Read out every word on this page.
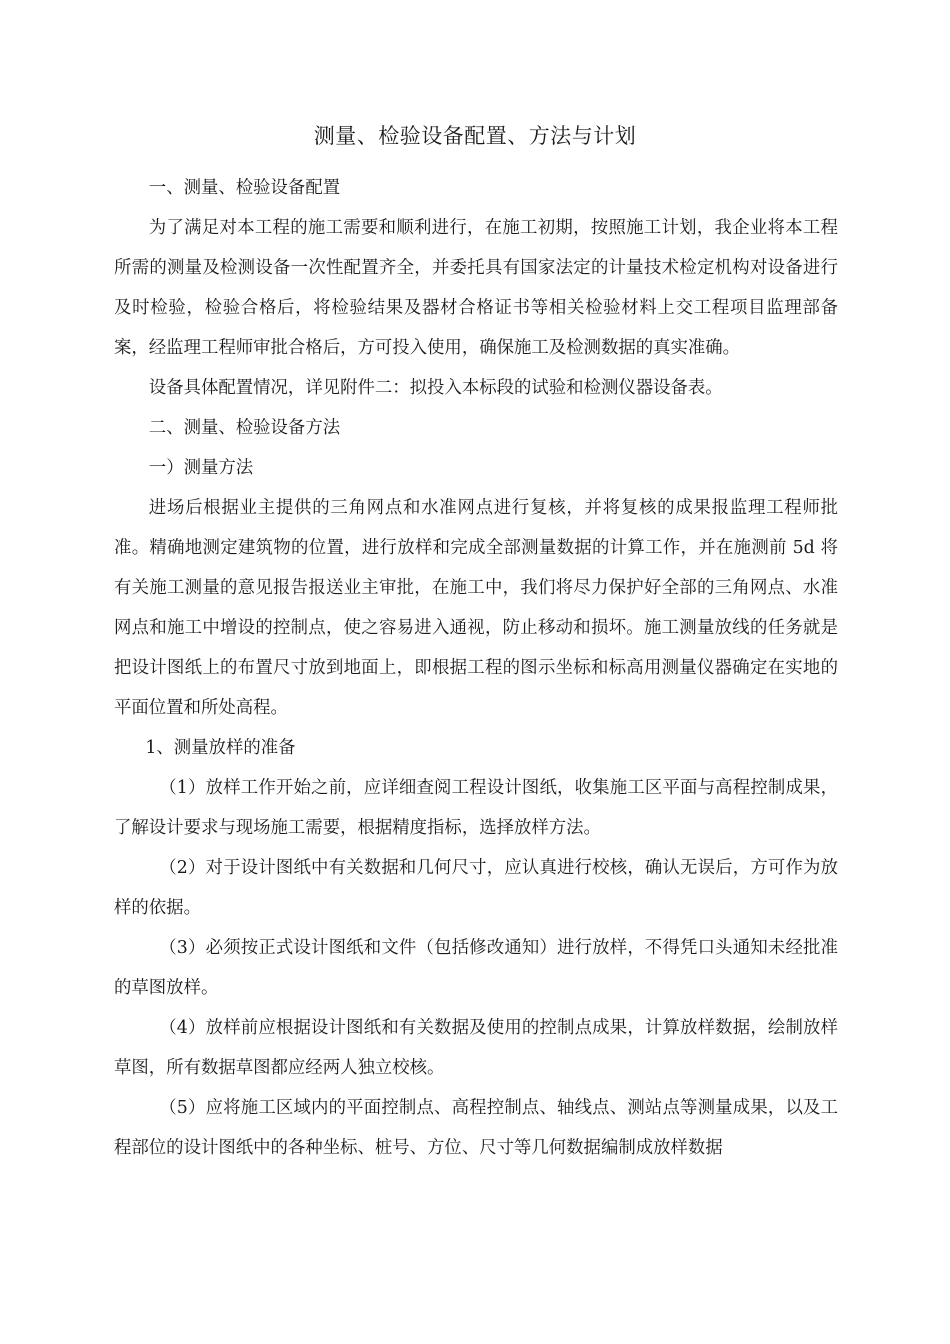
测量、检验设备配置、方法与计划

一、测量、检验设备配置

为了满足对本工程的施工需要和顺利进行，在施工初期，按照施工计划，我企业将本工程所需的测量及检测设备一次性配置齐全，并委托具有国家法定的计量技术检定机构对设备进行及时检验，检验合格后，将检验结果及器材合格证书等相关检验材料上交工程项目监理部备案，经监理工程师审批合格后，方可投入使用，确保施工及检测数据的真实准确。

设备具体配置情况，详见附件二：拟投入本标段的试验和检测仪器设备表。

二、测量、检验设备方法

一）测量方法

进场后根据业主提供的三角网点和水准网点进行复核，并将复核的成果报监理工程师批准。精确地测定建筑物的位置，进行放样和完成全部测量数据的计算工作，并在施测前 5d 将有关施工测量的意见报告报送业主审批，在施工中，我们将尽力保护好全部的三角网点、水准网点和施工中增设的控制点，使之容易进入通视，防止移动和损坏。施工测量放线的任务就是把设计图纸上的布置尺寸放到地面上，即根据工程的图示坐标和标高用测量仪器确定在实地的平面位置和所处高程。

1、测量放样的准备

（1）放样工作开始之前，应详细查阅工程设计图纸，收集施工区平面与高程控制成果，了解设计要求与现场施工需要，根据精度指标，选择放样方法。

（2）对于设计图纸中有关数据和几何尺寸，应认真进行校核，确认无误后，方可作为放样的依据。

（3）必须按正式设计图纸和文件（包括修改通知）进行放样，不得凭口头通知未经批准的草图放样。

（4）放样前应根据设计图纸和有关数据及使用的控制点成果，计算放样数据，绘制放样草图，所有数据草图都应经两人独立校核。

（5）应将施工区域内的平面控制点、高程控制点、轴线点、测站点等测量成果，以及工程部位的设计图纸中的各种坐标、桩号、方位、尺寸等几何数据编制成放样数据
